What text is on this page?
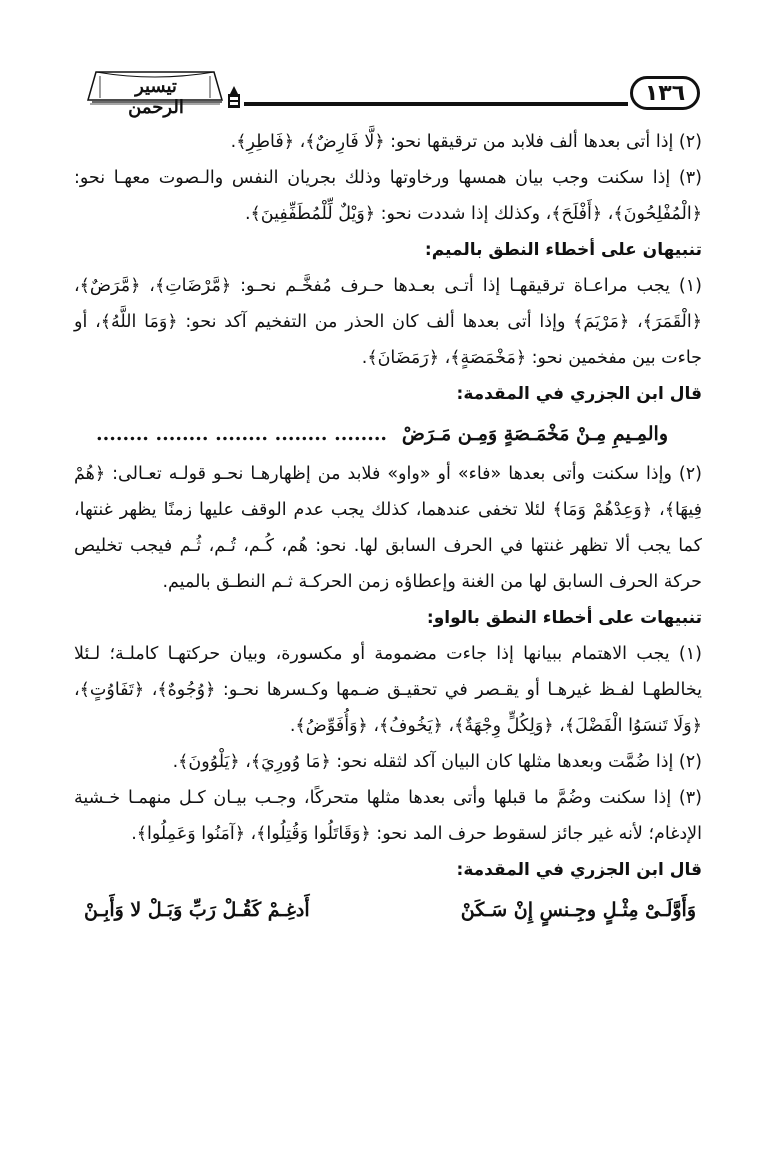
تيسير الرحمن
١٣٦

(٢) إذا أتى بعدها ألف فلابد من ترقيقها نحو: ﴿لَّا فَارِضٌ﴾، ﴿فَاطِرِ﴾.

(٣) إذا سكنت وجب بيان همسها ورخاوتها وذلك بجريان النفس والـصوت معهـا نحو: ﴿الْمُفْلِحُونَ﴾، ﴿أَفْلَحَ﴾، وكذلك إذا شددت نحو: ﴿وَيْلٌ لِّلْمُطَفِّفِينَ﴾.

تنبيهان على أخطاء النطق بالميم:

(١) يجب مراعـاة ترقيقهـا إذا أتـى بعـدها حـرف مُفخَّـم نحـو: ﴿مَّرْضَاتِ﴾، ﴿مَّرَضٌ﴾، ﴿الْقَمَرَ﴾، ﴿مَرْيَمَ﴾ وإذا أتى بعدها ألف كان الحذر من التفخيم آكد نحو: ﴿وَمَا اللَّهُ﴾، أو جاءت بين مفخمين نحو: ﴿مَخْمَصَةٍ﴾، ﴿رَمَضَانَ﴾.

قال ابن الجزري في المقدمة:

والمِـيمِ مِـنْ مَخْمَـصَةٍ وَمِـن مَـرَضْ
........ ........ ........ ........ ........

(٢) وإذا سكنت وأتى بعدها «فاء» أو «واو» فلابد من إظهارهـا نحـو قولـه تعـالى: ﴿هُمْ فِيهَا﴾، ﴿وَعِدْهُمْ وَمَا﴾ لئلا تخفى عندهما، كذلك يجب عدم الوقف عليها زمنًا يظهر غنتها، كما يجب ألا تظهر غنتها في الحرف السابق لها. نحو: هُم، كُـم، تُـم، ثُـم فيجب تخليص حركة الحرف السابق لها من الغنة وإعطاؤه زمن الحركـة ثـم النطـق بالميم.

تنبيهات على أخطاء النطق بالواو:

(١) يجب الاهتمام ببيانها إذا جاءت مضمومة أو مكسورة، وبيان حركتهـا كاملـة؛ لـئلا يخالطهـا لفـظ غيرهـا أو يقـصر في تحقيـق ضـمها وكـسرها نحـو: ﴿وُجُوهٌ﴾، ﴿تَفَاوُتٍ﴾، ﴿وَلَا تَنسَوُا الْفَضْلَ﴾، ﴿وَلِكُلٍّ وِجْهَةٌ﴾، ﴿يَخُوفُ﴾، ﴿وَأُفَوِّضُ﴾.

(٢) إذا ضُمَّت وبعدها مثلها كان البيان آكد لثقله نحو: ﴿مَا وُورِيَ﴾، ﴿يَلْوُونَ﴾.

(٣) إذا سكنت وضُمَّ ما قبلها وأتى بعدها مثلها متحركًا، وجـب بيـان كـل منهمـا خـشية الإدغام؛ لأنه غير جائز لسقوط حرف المد نحو: ﴿وَقَاتَلُوا وَقُتِلُوا﴾، ﴿آمَنُوا وَعَمِلُوا﴾.

قال ابن الجزري في المقدمة:

وَأَوَّلَـىْ مِثْـلٍ وجِـنسٍ إِنْ سَـكَنْ
أَدغِـمْ كَقُـلْ رَبِّ وَبَـلْ لا وَأَبِـنْ
